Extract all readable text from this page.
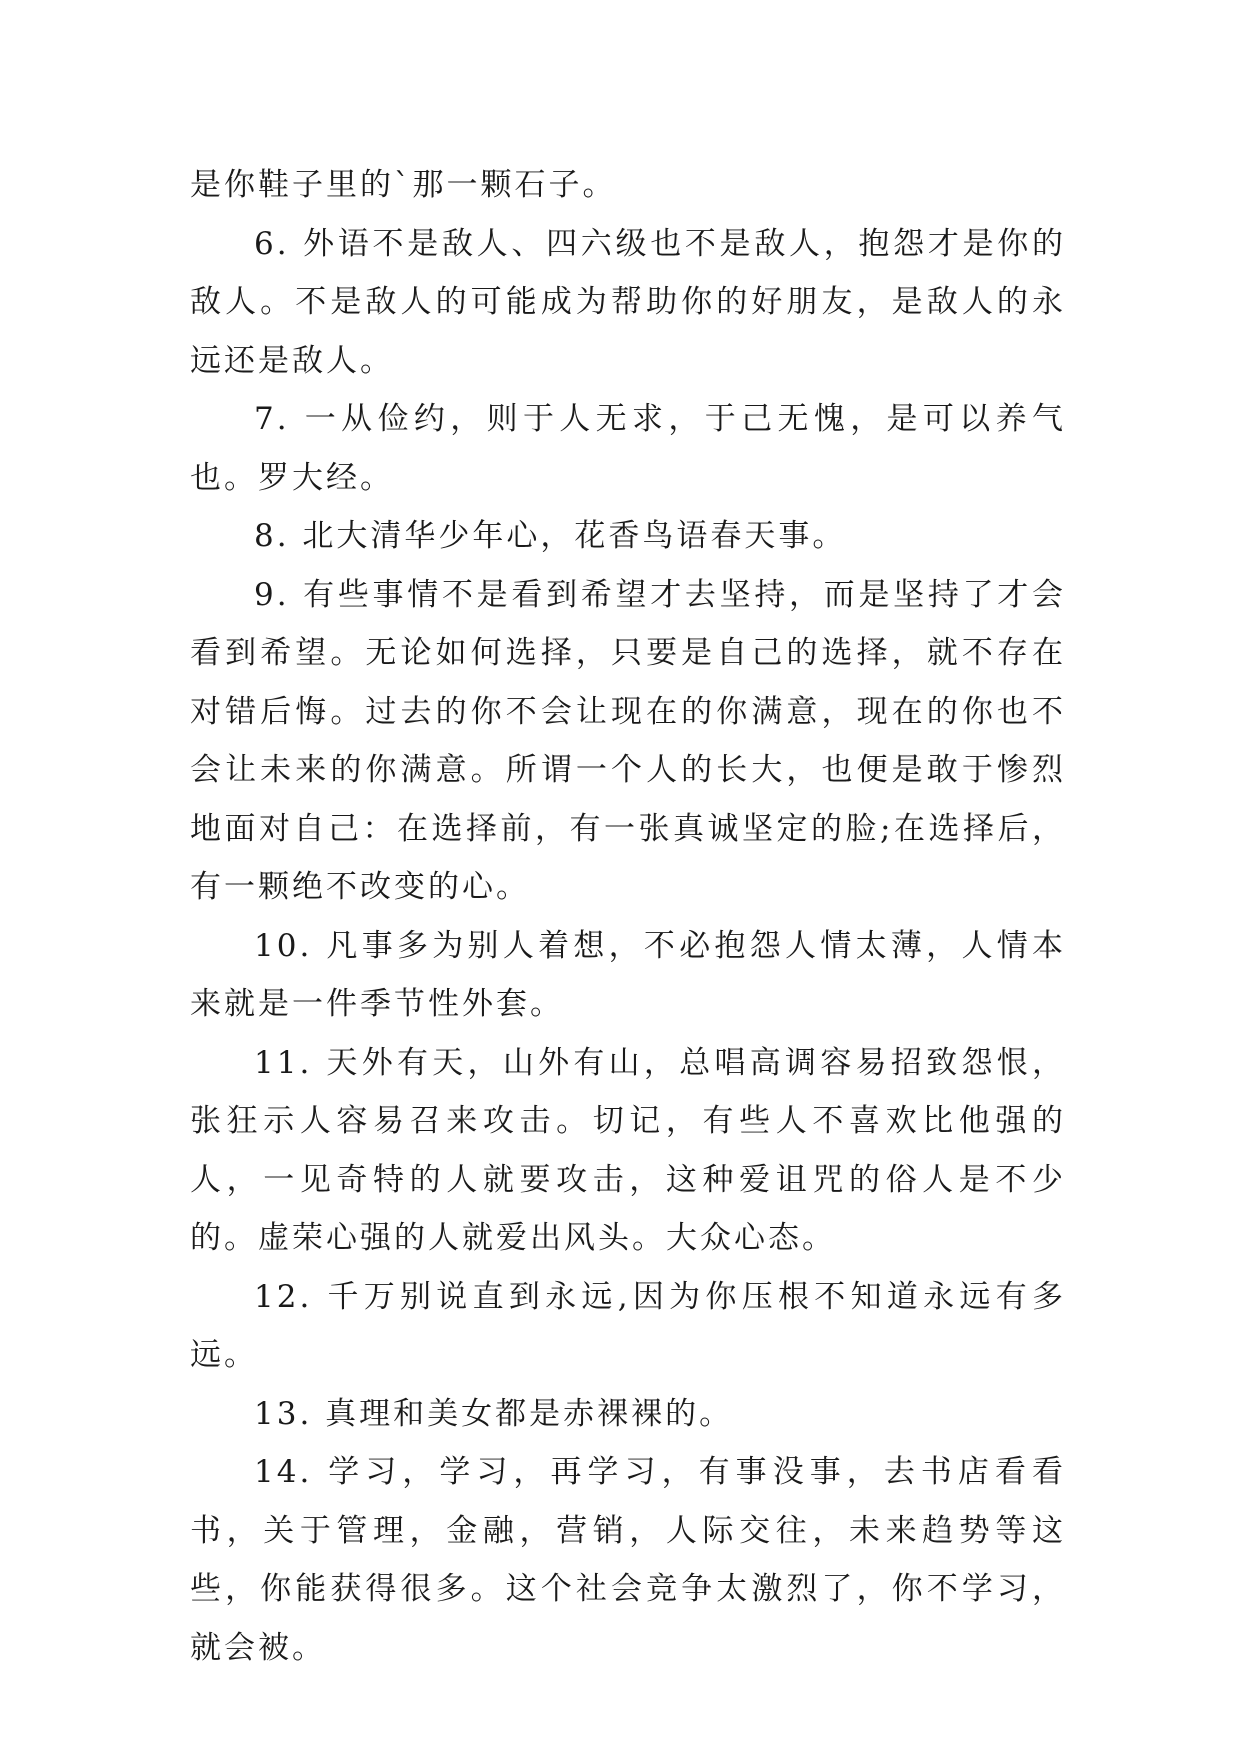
是你鞋子里的`那一颗石子。

6. 外语不是敌人、四六级也不是敌人，抱怨才是你的敌人。不是敌人的可能成为帮助你的好朋友，是敌人的永远还是敌人。

7. 一从俭约，则于人无求，于己无愧，是可以养气也。罗大经。

8. 北大清华少年心，花香鸟语春天事。

9. 有些事情不是看到希望才去坚持，而是坚持了才会看到希望。无论如何选择，只要是自己的选择，就不存在对错后悔。过去的你不会让现在的你满意，现在的你也不会让未来的你满意。所谓一个人的长大，也便是敢于惨烈地面对自己：在选择前，有一张真诚坚定的脸;在选择后，有一颗绝不改变的心。

10. 凡事多为别人着想，不必抱怨人情太薄，人情本来就是一件季节性外套。

11. 天外有天，山外有山，总唱高调容易招致怨恨，张狂示人容易召来攻击。切记，有些人不喜欢比他强的人，一见奇特的人就要攻击，这种爱诅咒的俗人是不少的。虚荣心强的人就爱出风头。大众心态。

12. 千万别说直到永远,因为你压根不知道永远有多远。

13. 真理和美女都是赤裸裸的。

14. 学习，学习，再学习，有事没事，去书店看看书，关于管理，金融，营销，人际交往，未来趋势等这些，你能获得很多。这个社会竞争太激烈了，你不学习，就会被。
